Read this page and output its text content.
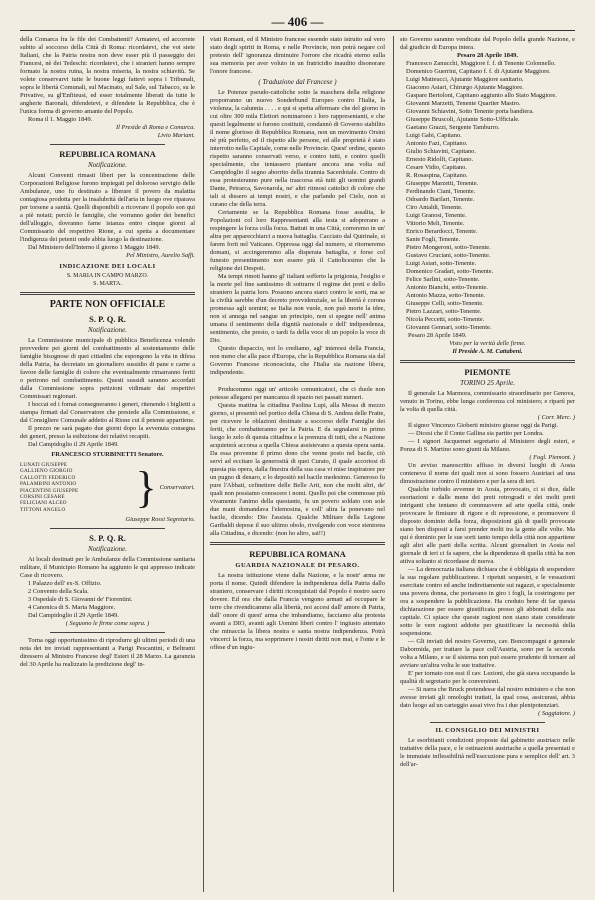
— 406 —

della Comarca fra le file dei Combattenti? Armatevi, ed accorrete subito al soccorso della Città di Roma: ricordatevi, che voi siete Italiani, che la Patria nostra non deve esser più il passeggio dei Francesi, nè dei Tedeschi: ricordatevi, che i stranieri hanno sempre formato la nostra ruina, la nostra miseria, la nostra schiavitù. Se volete conservarvi tutte le buone leggi fattevi sopra i Tribunali, sopra le libertà Comunali, sul Macinato, sul Sale, sul Tabacco, su le Privative, su gl'Enfiteusi, ed esser totalmente liberati da tutte le angherie Baronali, difendetevi, e difendete la Repubblica, che è l'unica forma di governo amante del Popolo.

Roma il 1. Maggio 1849.

Il Preside di Roma e Comarca.

Livio Mariani.

REPUBBLICA ROMANA
Notificazione.

Alcuni Conventi rimasti liberi per la concentrazione delle Corporazioni Religiose furono impiegati pel doloroso servigio delle Ambulanze, uno fu destinato a liberare il povero da malattia contagiosa prodotta per la insalubrità dell'aria in luogo ove riparava per torsene a sanità. Quelli disponibili a ricovrare il popolo son qui a piè notati; perciò le famiglie, che vorranno goder dei benefici dell'alloggio, dovranno farne istanza entro cinque giorni al Commissario del respettivo Rione, a cui spetta a documentare l'indigenza dei petenti onde abbia luogo la destinazione.

Dal Ministero dell'Interno il giorno 1 Maggio 1849.

Pel Ministro, Aurelio Saffi.

INDICAZIONE DEI LOCALI
S. MARIA IN CAMPO MARZO.
S. MARTA.
PARTE NON OFFICIALE
S. P. Q. R.
Notificazione.

La Commissione municipale di pubblica Beneficenza volendo provvedere pei giorni del combattimento al sostentamento delle famiglie bisognose di quei cittadini che espongono la vita in difesa della Patria, ha decretato un giornaliero sussidio di pane e carne a favore delle famiglie di coloro che eventualmente rimarranno feriti o perirono nel combattimento. Questi sussidi saranno accordati dalla Commissione sopra petizioni vidimate dai respettivi Commissari regionari.

I boccai ed i fornai consegneranno i generi, ritenendo i biglietti a stampa firmati dal Conservatore che presiede alla Commissione, e dal Consigliere Comunale addetto al Rione cui il petente appartiene.

Il prezzo ne sarà pagato due giorni dopo la avvenuta consegna dei generi, presso la esibizione dei relativi recapiti.

Dal Campidoglio il 29 Aprile 1849.

FRANCESCO STURBINETTI Senatore.
LUNATI GIUSEPPE
GALLIENO GIORGIO
CALLOTTI FEDERICO
PALAMBINI ANTONIO
PIACENTINI GIUSEPPE
CORSINI CESARE
FELICIANI ALCEO
TITTONI ANGELO	} Conservatori.

Giuseppe Rossi Segretario.

S. P. Q. R.
Notificazione.

Ai locali destinati per le Ambulanze della Commissione sanitaria militare, il Municipio Romano ha aggiunto le qui appresso indicate Case di ricovero.

1 Palazzo dell' ex-S. Offizio.

2 Convento della Scala.

3 Ospedale di S. Giovanni de' Fiorentini.

4 Canonica di S. Maria Maggiore.

Dal Campidoglio il 29 Aprile 1849.

( Seguono le firme come sopra. )

Torna oggi opportunissimo di riprodurre gli ultimi periodi di una nota dei tre inviati rappresentanti a Parigi Pescantini, e Beltrami diressero al Ministro Francese degl' Esteri il 28 Marzo. La garanzia del 30 Aprile ha realizzato la predizione degl' in-

viati Romani, ed il Ministro francese essendo stato istruito sul vero stato degli spiriti in Roma, e nelle Provincie, non potrà negare col pretesto dell' ignoranza diminuire l'orrore che ricadrà eterno sulla sua memoria per aver voluto in un fratricidio inaudito disonorare l'onore francese.

( Traduzione dal Francese )

Le Potenze pseudo-cattoliche sotto la maschera della religione proporranno un nuovo Sonderbund Europeo contro l'Italia, la violenza, la calunnia . . . . e qui si spetta affermare che del giorno in cui oltre 300 mila Elettori nominarono i loro rappresentanti, e che questi legalmente si furono costituiti, condannò di Governo stabilito il nome glorioso di Repubblica Romana, non un movimento Orsini nè più perfetto, ed il rispetto alle persone, ed alle proprietà è stato interrotto nella Capitale, come nelle Provincie. Quest' ordine, questo rispetto saranno conservati verso, e contro tutti, e contro quelli specialmente, che tentassero piantare ancora una volta sul Campidoglio il segno aborrito della tirannia Sacerdotale. Contro di essa protesteranno pure nella trascorsa età tutti gli uomini grandi Dante, Petrarca, Savonarola, ne' altri ritmosi cattolici di colore che tali si dissero ai tempi nostri, e che parlando pel Cielo, non si curano che della terra.

Certamente se la Repubblica Romana fosse assalita, le Popolazioni col loro Rappresentanti alla testa si adoprerano a respingere la forza colla forza. Battuti in una Città, correremo in un' altra per apparecchiarci a nuova battaglia. Cacciato dal Quirinale, si farem forti nel Vaticano. Oppressa oggi dal numero, si ritorneremo domani, si accingeremmo alla disperata battaglia, e forse col funesto presentimento non essere più il Cattolicesimo che la religione dei Despoti.

Ma tempi rimoti hanno gl' italiani sofferto la prigionia, l'esiglio e la morte pel fine santissimo di sottrarre il regime dei preti e dello straniero la patria loro. Possono ancora starci contro le sorti, ma se la civiltà sarebbe d'un decreto provvidenziale, se la libertà è corona promessa agli uomini; se Italia non vuole, non può morte la idee, non si annega nel sangue un principio, non si spegne nell' anima umana il sentimento della dignità nazionale e dell' indipendenza, sentimento, che presto, o tardi fa della voce di un popolo la voce di Dio.

Questo dispaccio, noi lo crediamo, agl' interessi della Francia, non meno che alla pace d'Europa, che la Repubblica Romana sia dal Governo Francese riconosciuta, che l'Italia sia nazione libera, indipendente.

Producemmo oggi un' articolo comunicatoci, che ci duole non potesse allegarsi per mancanza di spazio nei passati numeri.

Questa mattina la cittadina Paolina Lupi, alla Messa di mezzo giorno, si presentò nel portico della Chiesa di S. Andrea delle Fratte, per ricevere le oblazioni destinate a soccorso delle Famiglie dei feriti, che combatteranno per la Patria. E da segnalarsi in primo luogo lo zelo di questa cittadina e la premura di tutti, che a Nazione acquieterà accorsa a quella Chiesa assistevano a questa opera santa. Da essa provenne il primo dono che venne posto nel bacile, ciò servì ad eccitare la generosità di quei Curato, il quale accortosi di questa pia opera, dalla finestra della sua casa vi mise inspiratore per un pugno di denaro, e lo depositò nel bacile medesimo. Generoso fu pure l'Abbati, cefinetiere delle Belle Arti, non che molti altri, de' quali non possiamo conoscere i nomi. Quello poi che commosse più vivamente l'animo della questante, fu un povero soldato con sole due mani domandava l'elemosina, e coll' altra la ponevano nel bacile, dicendo: Dio l'assista. Qualche Militare della Legione Garibaldi depose il suo ultimo obolo, rivolgendo con voce stentorea alla Cittadina, e dicendo: (non ho altro, sai!!)

REPUBBLICA ROMANA
GUARDIA NAZIONALE DI PESARO.

La nostra istituzione viene dalla Nazione, e la nostr' arma ne porta il nome. Quindi difendere la indipendenza della Patria dallo straniero, conservare i diritti riconquistati dal Popolo è nostro sacro dovere. Ed ora che dalla Francia vengono armati ad occupare le terre che rivendicammo alla libertà, noi accesi dall' amore di Patria, dall' onore di quest' arma che imbandiamo, facciamo alta protesta avanti a DIO, avanti agli Uomini liberi contro l' ingiusto attentato che minaccia la libera nostra e santa nostra indipendenza. Potrà vincerci la forza, ma sopprimere i nostri diritti non mai, e l'onte e le offese d'un ingiu-

sto Governo saranno vendicate dal Popolo della grande Nazione, e dal giudicio di Europa intera.

Pesaro 28 Aprile 1849.

Francesco Zanucchi, Maggiore f. f. di Tenente Colonnello.

Domenico Guerrini, Capitano f. f. di Ajutante Maggiore.

Luigi Matteucci, Ajutante Maggiore sanitario.

Giacomo Asiari, Chirurgo Ajutante Maggiore.

Gaspare Bertoloni, Capitano aggiunto allo Stato Maggiore.

Giovanni Marzetti, Tenente Quartier Mastro.

Giovanni Schiavini, Sotto Tenente porta bandiera.

Giuseppe Bruscoli, Ajutante Sotto-Ufficiale.

Gaetano Grazzi, Sergente Tamburro.

Luigi Gabi, Capitano.

Antonio Fazi, Capitano.

Giulio Schiavini, Capitano.

Ernesto Ridolfi, Capitano.

Cesare Vidio, Capitano.

R. Rosaspina, Capitano.

Giuseppe Marzetti, Tenente.

Ferdinando Ciani, Tenente.

Odoardo Barilari, Tenente.

Ciro Antaldi, Tenente.

Luigi Granosi, Tenente.

Vittorio Meli, Tenente.

Enrico Berardocci, Tenente.

Sante Fogli, Tenente.

Pietro Mongeroni, sotto-Tenente.

Gustavo Cruciani, sotto-Tenente.

Luigi Asiari, sotto-Tenente.

Domenico Gradari, sotto-Tenente.

Felice Sarlini, sotto-Tenente.

Antonio Bianchi, sotto-Tenente.

Antonio Mazza, sotto-Tenente.

Giuseppe Celli, sotto-Tenente.

Pietro Lazzari, sotto-Tenente.

Nicola Peccetti, sotto-Tenente.

Giovanni Gennari, sotto-Tenente.

Pesaro 28 Aprile 1849.

Visto per la verità delle firme.

Il Preside A. M. Cattabeni.

PIEMONTE
TORINO 25 Aprile.

Il generale La Marmora, commissario straordinario per Genova, venuto in Torino, ebbe lunga conferenza col ministero; e ripartì per la volta di quella città.

( Corr. Merc. )

Il signor Vincenzo Gioberti ministro giunse oggi da Parigi.

— Dicesi che il Conte Gallina sia partito per Londra.

— I signori Jacquemet segretario al Ministero degli esteri, e Ponza di S. Martino sono giunti da Milano.

( Fogl. Piemont. )

Un avviso manoscritto affisso in diversi luoghi di Aosta conteneva il nome dei quali non si sono fossero Austriaci ad una dimostrazione contro il ministero e per la sera di ieri.

Qualche torbido avvenne in Aosta, provocato, ci si dice, dalle esortazioni e dalle mene dei preti retrogradi e dei molti preti intriganti che tentano di commuovere ad arte quella città, onde provocare le fimisure di rigore e di repressione, e promuovere il disposto dominio della forza, disposizioni già di quelli provocate siano ben disposti a farsi prender molti tra la gente alle volte. Ma qui è dominio per le sue sorti tanto tempo della città non appartiene agli altri alle parti della scritta. Alcuni giornalieri in Aosta nel giornale di ieri ci fa sapere, che la dipendenza di quella città ha non attiva soltanto si ricordasse di nuova.

— La democrazia italiana dichiara che è obbligata di sospendere la sua regolare pubblicazione. I ripetuti sequestri, e le vessazioni esercitate contro ed anche indirettamente sui ragazzi, e specialmente una povera donna, che portavano in giro i fogli, la costringono per ora a sospendere la pubblicazione. Ha creduto bene di far questa dichiarazione per essere giustificata presso gli abbonati della sua capitale. Ci spiace che queste ragioni non siano state considerate sotto le vere ragioni addotte per giustificare la necessità della sospensione.

— Gli inviati del nostro Governo, cav. Boncompagni e generale Dabormida, per trattare la pace coll'Austria, sono per la seconda volta a Milano, e se il sistema non può essere prudente di tornare ad avviare un'altra volta le sue trattative.

E' per tornato con essi il cav. Lezioni, che già stava occupando la qualità di segretario per le conversioni.

— Si narra che Bruck pretendesse dal nostro ministero e che non avesse inviati gli omologhi trattati, la qual cosa, assicurasi, abbia dato luogo ad un carteggio assai vivo fra i due plenipotenziari.

( Saggiatore. )

IL CONSIGLIO DEI MINISTRI

Le esorbitanti condizioni proposte dal gabinetto austriaco nelle trattative della pace, e le ostinazioni austriache a quella presentati e le immutate inflessibilità nell'esecuzione pura e semplice dell' art. 3 dell'ar-
